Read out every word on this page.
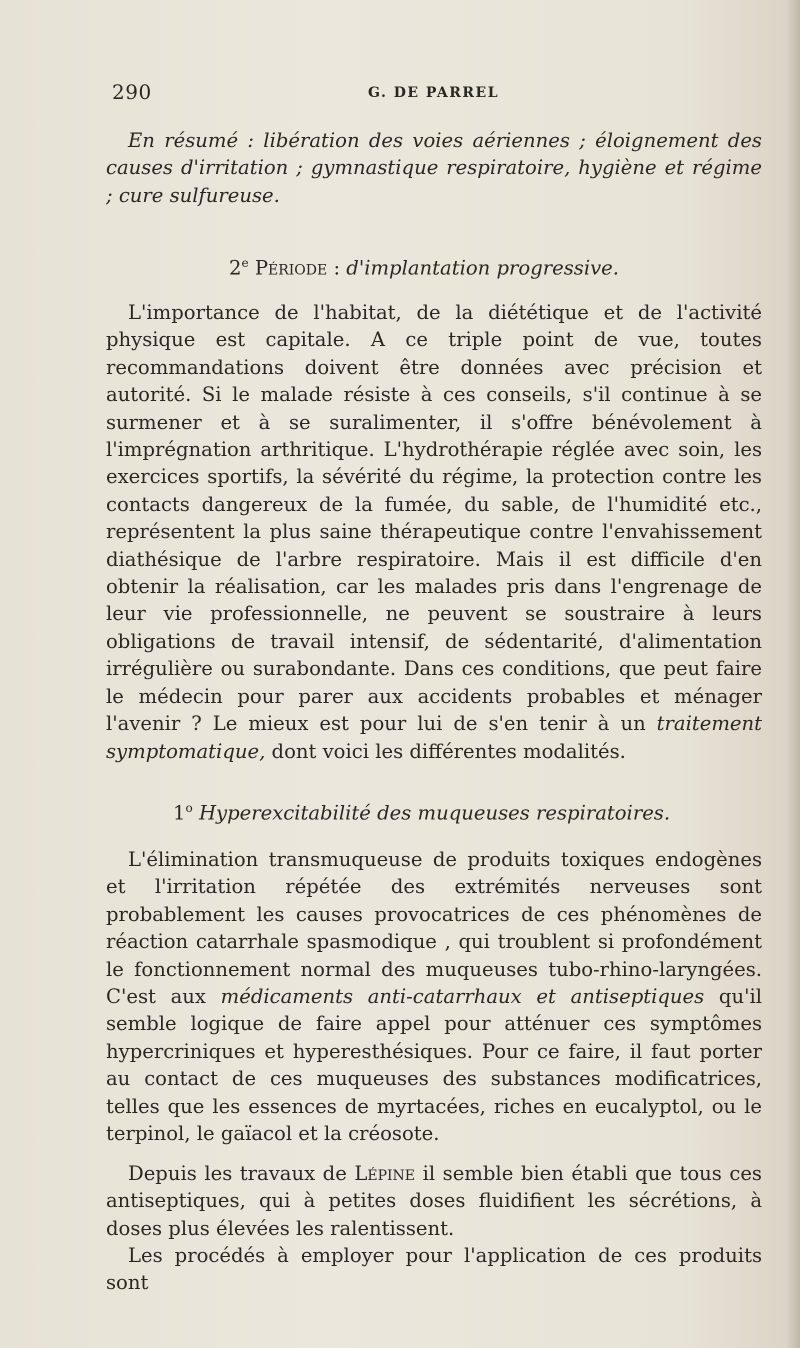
290	G. DE PARREL

En résumé : libération des voies aériennes ; éloignement des causes d'irritation ; gymnastique respiratoire, hygiène et régime ; cure sulfureuse.

2e Période : d'implantation progressive.

L'importance de l'habitat, de la diététique et de l'activité physique est capitale. A ce triple point de vue, toutes recommandations doivent être données avec précision et autorité. Si le malade résiste à ces conseils, s'il continue à se surmener et à se suralimenter, il s'offre bénévolement à l'imprégnation arthritique. L'hydrothérapie réglée avec soin, les exercices sportifs, la sévérité du régime, la protection contre les contacts dangereux de la fumée, du sable, de l'humidité etc., représentent la plus saine thérapeutique contre l'envahissement diathésique de l'arbre respiratoire. Mais il est difficile d'en obtenir la réalisation, car les malades pris dans l'engrenage de leur vie professionnelle, ne peuvent se soustraire à leurs obligations de travail intensif, de sédentarité, d'alimentation irrégulière ou surabondante. Dans ces conditions, que peut faire le médecin pour parer aux accidents probables et ménager l'avenir ? Le mieux est pour lui de s'en tenir à un traitement symptomatique, dont voici les différentes modalités.

1$^o$ Hyperexcitabilité des muqueuses respiratoires.

L'élimination transmuqueuse de produits toxiques endogènes et l'irritation répétée des extrémités nerveuses sont probablement les causes provocatrices de ces phénomènes de réaction catarrhale spasmodique , qui troublent si profondément le fonctionnement normal des muqueuses tubo-rhino-laryngées. C'est aux médicaments anti-catarrhaux et antiseptiques qu'il semble logique de faire appel pour atténuer ces symptômes hypercriniques et hyperesthésiques. Pour ce faire, il faut porter au contact de ces muqueuses des substances modificatrices, telles que les essences de myrtacées, riches en eucalyptol, ou le terpinol, le gaïacol et la créosote.

Depuis les travaux de Lépine il semble bien établi que tous ces antiseptiques, qui à petites doses fluidifient les sécrétions, à doses plus élevées les ralentissent.

Les procédés à employer pour l'application de ces produits sont
